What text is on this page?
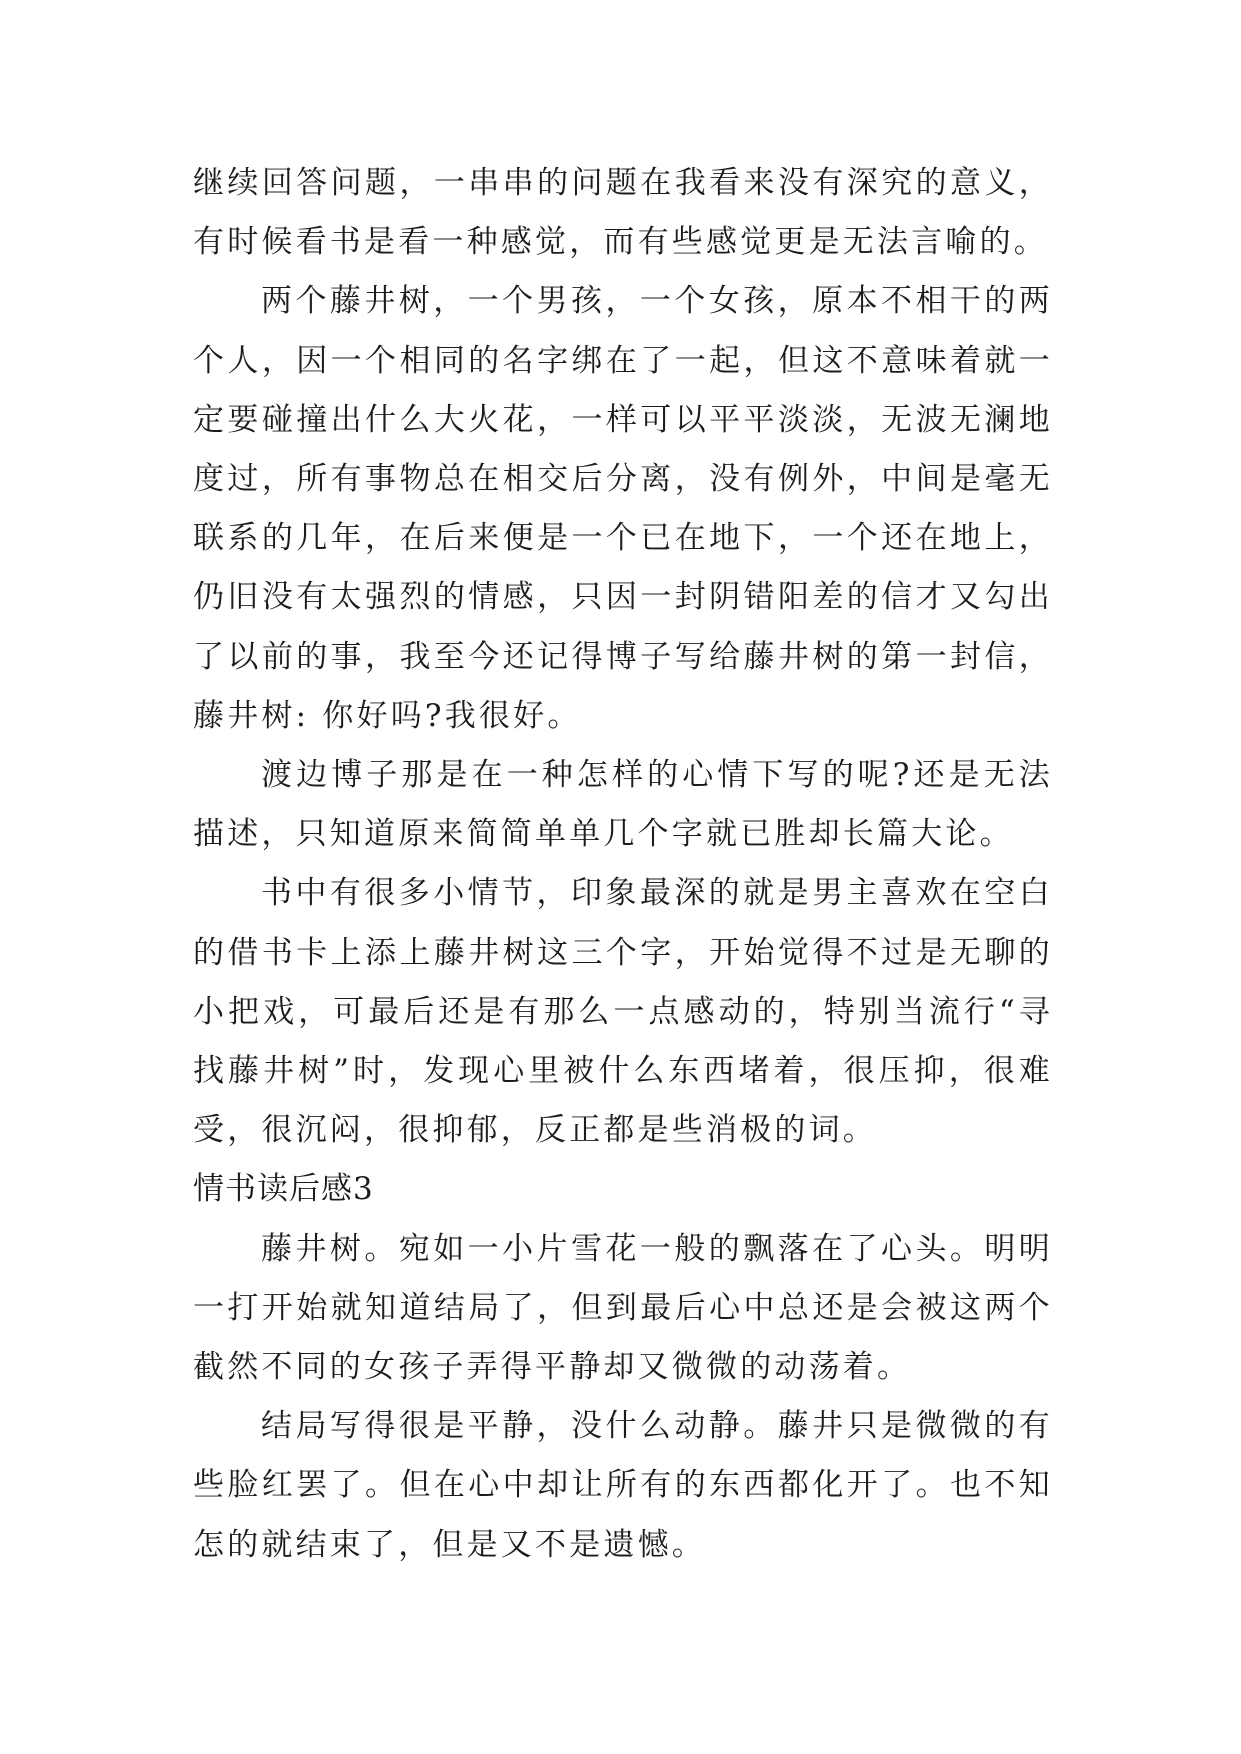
继续回答问题，一串串的问题在我看来没有深究的意义，有时候看书是看一种感觉，而有些感觉更是无法言喻的。

两个藤井树，一个男孩，一个女孩，原本不相干的两个人，因一个相同的名字绑在了一起，但这不意味着就一定要碰撞出什么大火花，一样可以平平淡淡，无波无澜地度过，所有事物总在相交后分离，没有例外，中间是毫无联系的几年，在后来便是一个已在地下，一个还在地上，仍旧没有太强烈的情感，只因一封阴错阳差的信才又勾出了以前的事，我至今还记得博子写给藤井树的第一封信，藤井树: 你好吗?我很好。

渡边博子那是在一种怎样的心情下写的呢?还是无法描述，只知道原来简简单单几个字就已胜却长篇大论。

书中有很多小情节，印象最深的就是男主喜欢在空白的借书卡上添上藤井树这三个字，开始觉得不过是无聊的小把戏，可最后还是有那么一点感动的，特别当流行“寻找藤井树”时，发现心里被什么东西堵着，很压抑，很难受，很沉闷，很抑郁，反正都是些消极的词。

情书读后感3

藤井树。宛如一小片雪花一般的飘落在了心头。明明一打开始就知道结局了，但到最后心中总还是会被这两个截然不同的女孩子弄得平静却又微微的动荡着。

结局写得很是平静，没什么动静。藤井只是微微的有些脸红罢了。但在心中却让所有的东西都化开了。也不知怎的就结束了，但是又不是遗憾。
